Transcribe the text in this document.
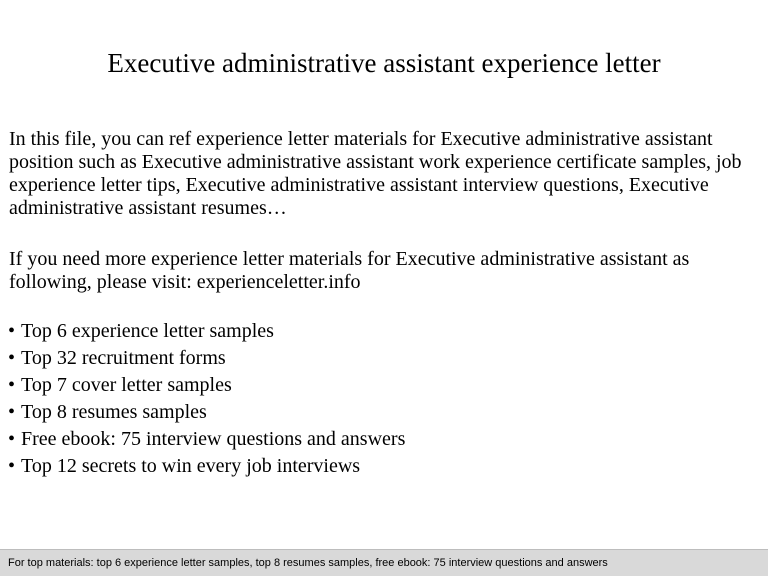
Executive administrative assistant experience letter
In this file, you can ref experience letter materials for Executive administrative assistant position such as Executive administrative assistant work experience certificate samples, job experience letter tips, Executive administrative assistant interview questions, Executive administrative assistant resumes…
If you need more experience letter materials for Executive administrative assistant as following, please visit: experienceletter.info
• Top 6 experience letter samples
• Top 32 recruitment forms
• Top 7 cover letter samples
• Top 8 resumes samples
• Free ebook: 75 interview questions and answers
• Top 12 secrets to win every job interviews
For top materials: top 6 experience letter samples, top 8 resumes samples, free ebook: 75 interview questions and answers
